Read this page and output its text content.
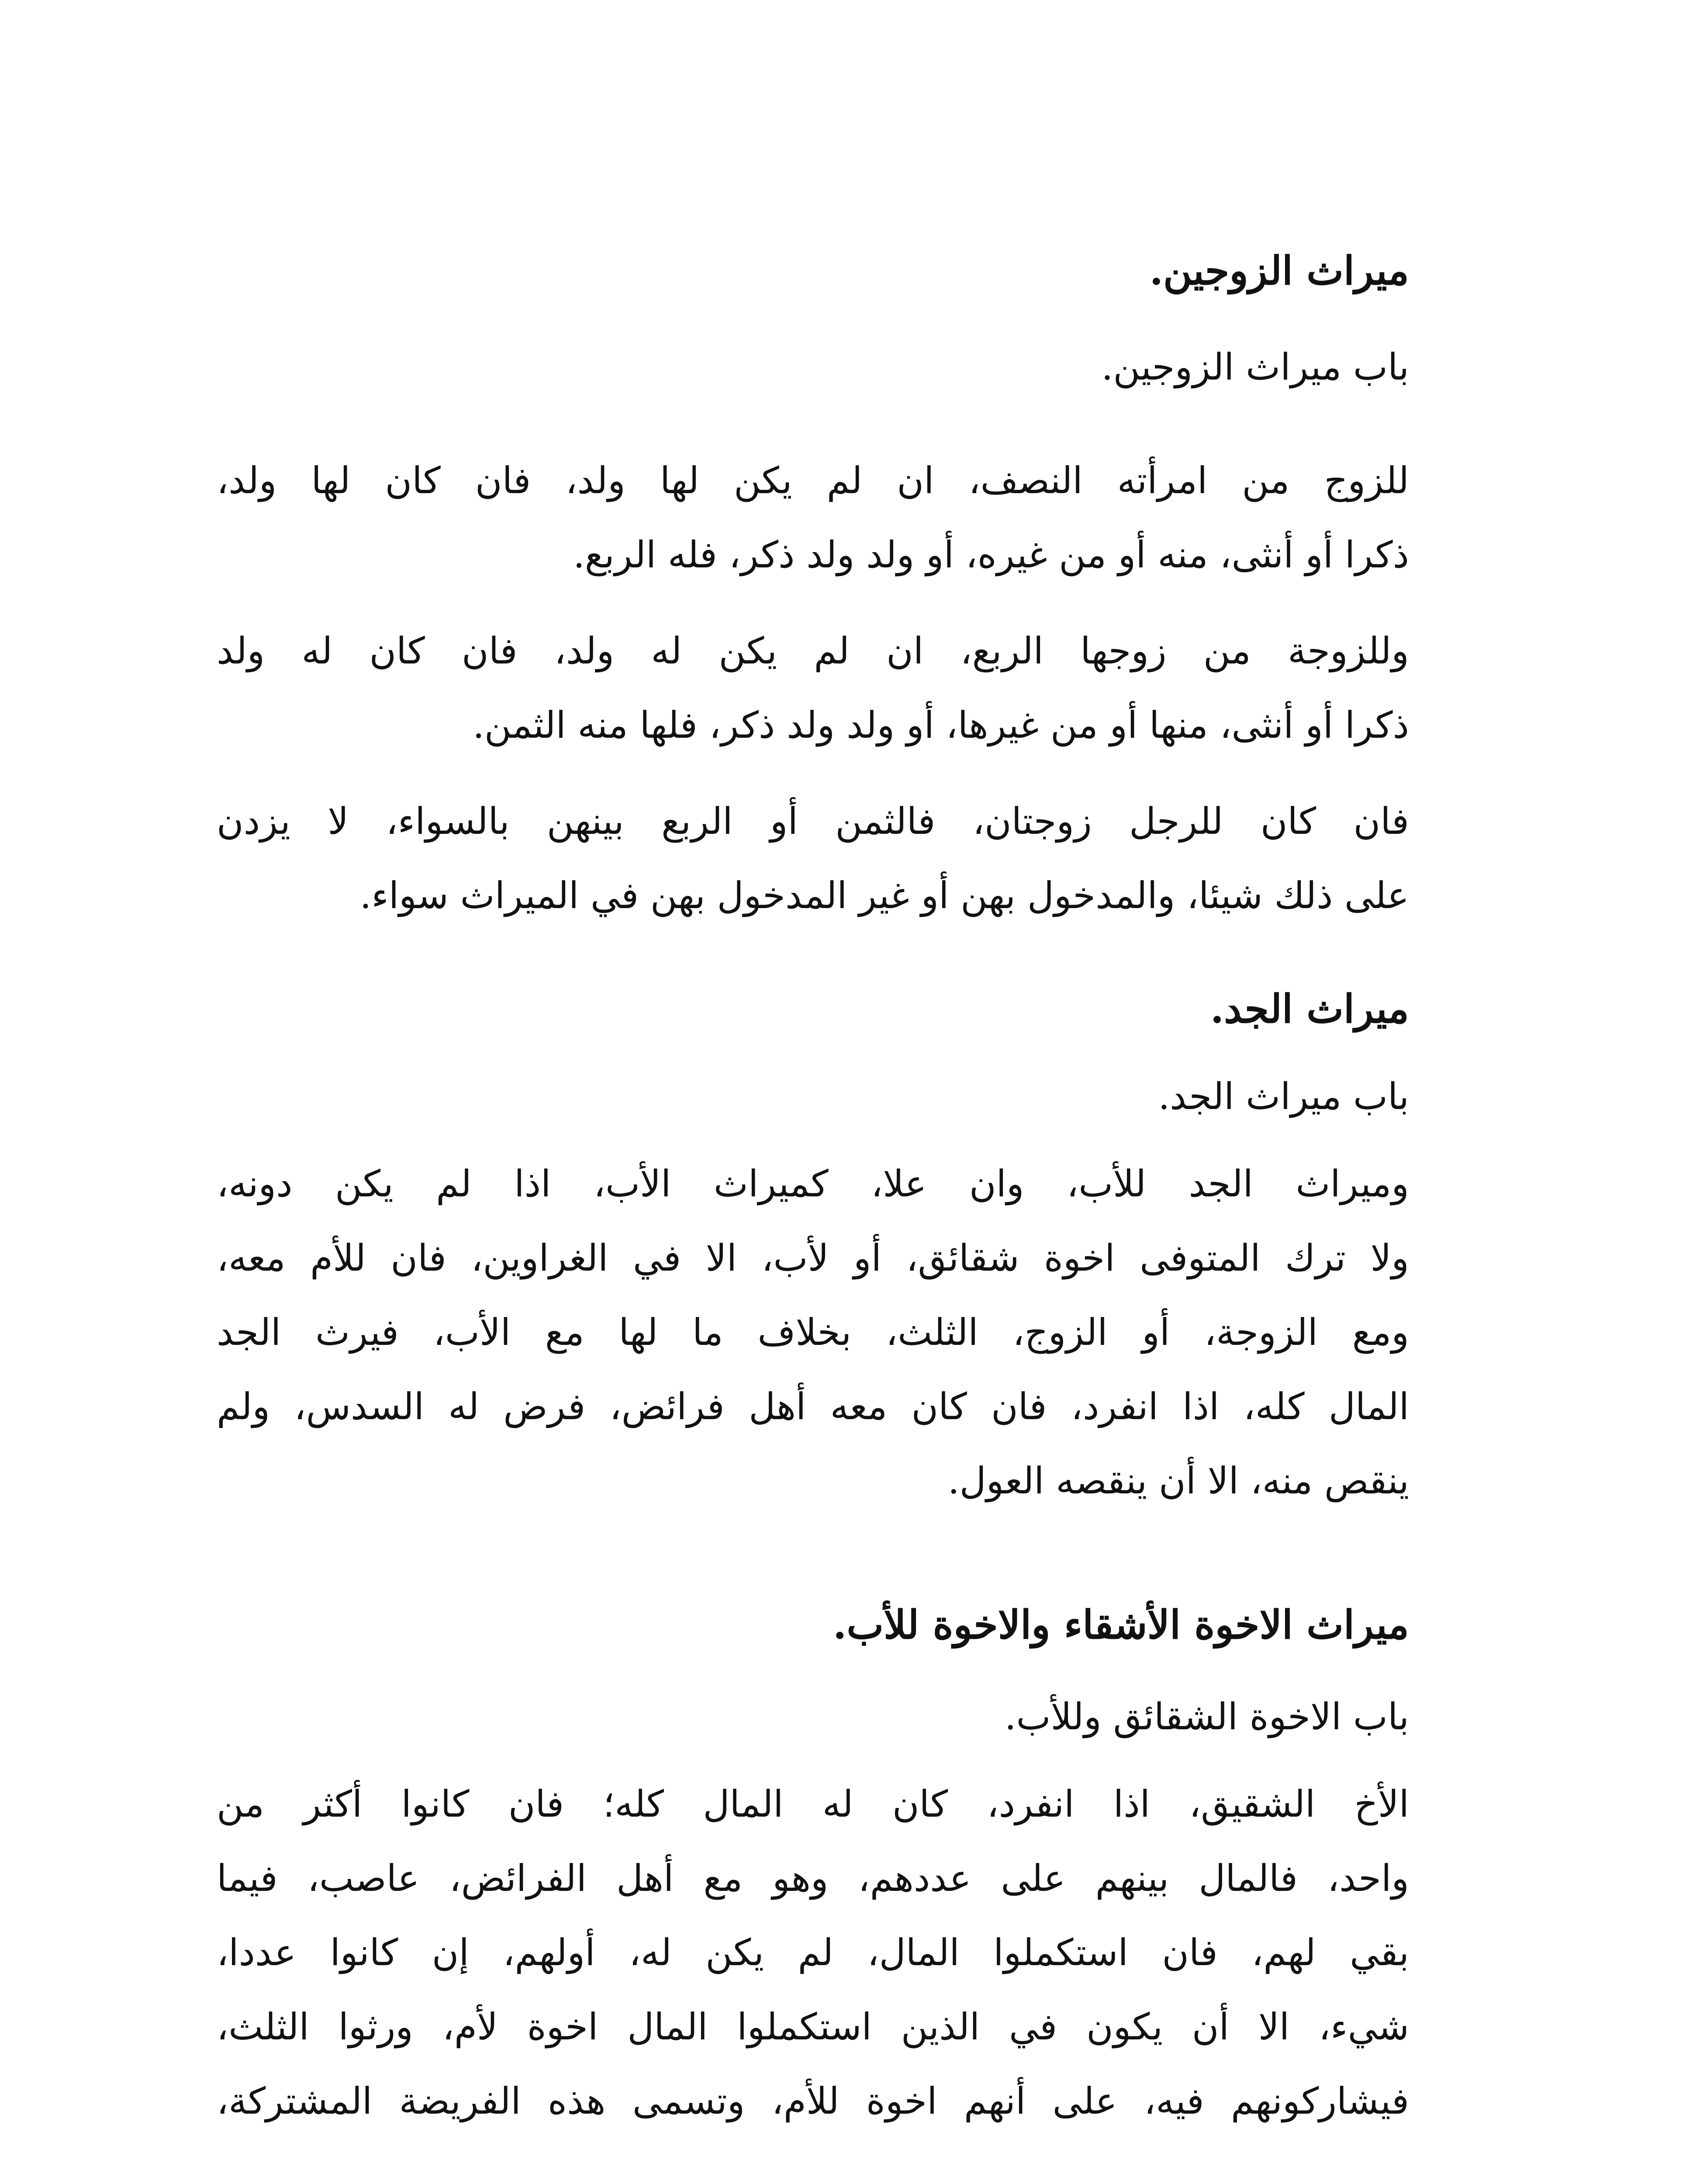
ميراث الزوجين.
باب ميراث الزوجين.
للزوج من امرأته النصف، ان لم يكن لها ولد، فان كان لها ولد،
ذكرا أو أنثى، منه أو من غيره، أو ولد ولد ذكر، فله الربع.
وللزوجة من زوجها الربع، ان لم يكن له ولد، فان كان له ولد
ذكرا أو أنثى، منها أو من غيرها، أو ولد ولد ذكر، فلها منه الثمن.
فان كان للرجل زوجتان، فالثمن أو الربع بينهن بالسواء، لا يزدن
على ذلك شيئا، والمدخول بهن أو غير المدخول بهن في الميراث سواء.
ميراث الجد.
باب ميراث الجد.
وميراث الجد للأب، وان علا، كميراث الأب، اذا لم يكن دونه،
ولا ترك المتوفى اخوة شقائق، أو لأب، الا في الغراوين، فان للأم معه،
ومع الزوجة، أو الزوج، الثلث، بخلاف ما لها مع الأب، فيرث الجد
المال كله، اذا انفرد، فان كان معه أهل فرائض، فرض له السدس، ولم
ينقص منه، الا أن ينقصه العول.
ميراث الاخوة الأشقاء والاخوة للأب.
باب الاخوة الشقائق وللأب.
الأخ الشقيق، اذا انفرد، كان له المال كله؛ فان كانوا أكثر من
واحد، فالمال بينهم على عددهم، وهو مع أهل الفرائض، عاصب، فيما
بقي لهم، فان استكملوا المال، لم يكن له، أولهم، إن كانوا عددا،
شيء، الا أن يكون في الذين استكملوا المال اخوة لأم، ورثوا الثلث،
فيشاركونهم فيه، على أنهم اخوة للأم، وتسمى هذه الفريضة المشتركة،
